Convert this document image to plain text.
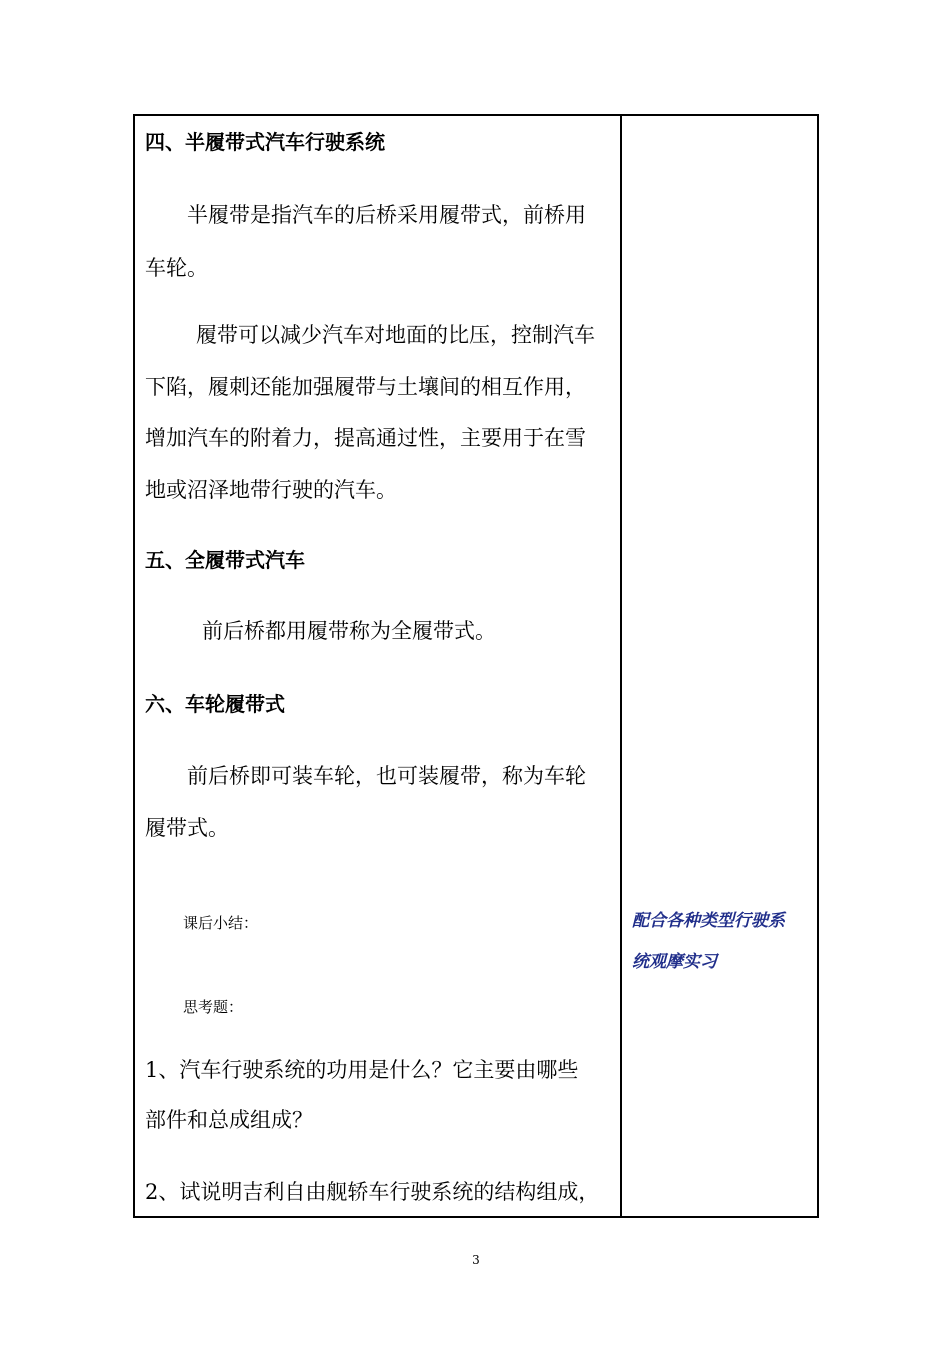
四、半履带式汽车行驶系统
半履带是指汽车的后桥采用履带式，前桥用
车轮。
履带可以减少汽车对地面的比压，控制汽车
下陷，履刺还能加强履带与土壤间的相互作用，
增加汽车的附着力，提高通过性，主要用于在雪
地或沼泽地带行驶的汽车。
五、全履带式汽车
前后桥都用履带称为全履带式。
六、车轮履带式
前后桥即可装车轮，也可装履带，称为车轮
履带式。
课后小结：
思考题：
1、汽车行驶系统的功用是什么？它主要由哪些
部件和总成组成？
2、试说明吉利自由舰轿车行驶系统的结构组成，
配合各种类型行驶系
统观摩实习
3
